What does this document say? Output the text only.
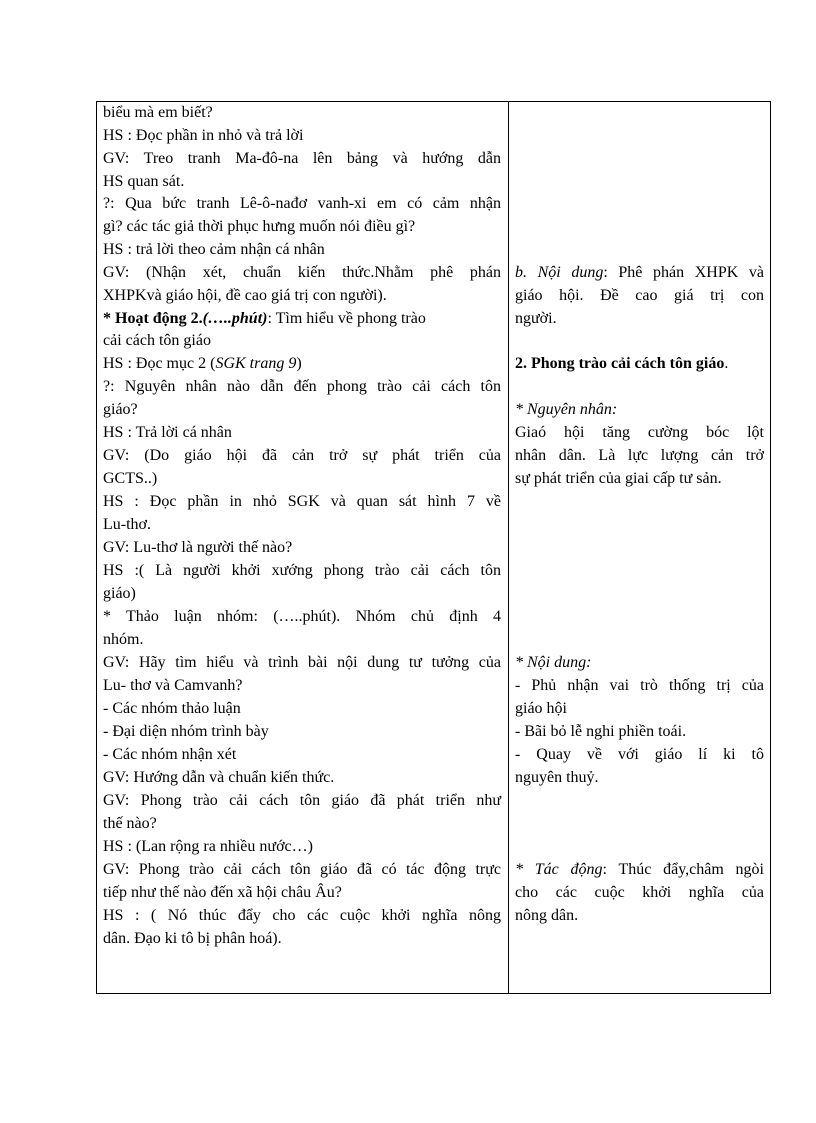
biểu mà em biết?
HS : Đọc phần in nhỏ và trả lời
GV: Treo tranh Ma-đô-na lên bảng và hướng dẫn
HS quan sát.
?: Qua bức tranh Lê-ô-nađơ vanh-xi em có cảm nhận
gì? các tác giả thời phục hưng muốn nói điều gì?
HS : trả lời theo cảm nhận cá nhân
GV: (Nhận xét, chuẩn kiến thức.Nhằm phê phán
XHPKvà giáo hội, đề cao giá trị con người).
* Hoạt động 2.(…..phút): Tìm hiểu về phong trào
cải cách tôn giáo
HS : Đọc mục 2 (SGK trang 9)
?: Nguyên nhân nào dẫn đến phong trào cải cách tôn
giáo?
HS : Trả lời cá nhân
GV: (Do giáo hội đã cản trở sự phát triển của
GCTS..)
HS : Đọc phần in nhỏ SGK và quan sát hình 7 về
Lu-thơ.
GV: Lu-thơ là người thế nào?
HS :( Là người khởi xướng phong trào cải cách tôn
giáo)
* Thảo luận nhóm: (…..phút). Nhóm chủ định 4
nhóm.
GV: Hãy tìm hiểu và trình bài nội dung tư tưởng của
Lu- thơ và Camvanh?
- Các nhóm thảo luận
- Đại diện nhóm trình bày
- Các nhóm nhận xét
GV: Hướng dẫn và chuẩn kiến thức.
GV: Phong trào cải cách tôn giáo đã phát triển như
thế nào?
HS : (Lan rộng ra nhiều nước…)
GV: Phong trào cải cách tôn giáo đã có tác động trực
tiếp như thế nào đến xã hội châu Âu?
HS : ( Nó thúc đẩy cho các cuộc khởi nghĩa nông
dân. Đạo ki tô bị phân hoá).
b. Nội dung: Phê phán XHPK và
giáo hội. Đề cao giá trị con
người.
2. Phong trào cải cách tôn giáo.
* Nguyên nhân:
Giaó hội tăng cường bóc lột
nhân dân. Là lực lượng cản trở
sự phát triển của giai cấp tư sản.
* Nội dung:
- Phủ nhận vai trò thống trị của
giáo hội
- Bãi bỏ lễ nghi phiền toái.
- Quay về với giáo lí ki tô
nguyên thuỷ.
* Tác động: Thúc đẩy,châm ngòi
cho các cuộc khởi nghĩa của
nông dân.
